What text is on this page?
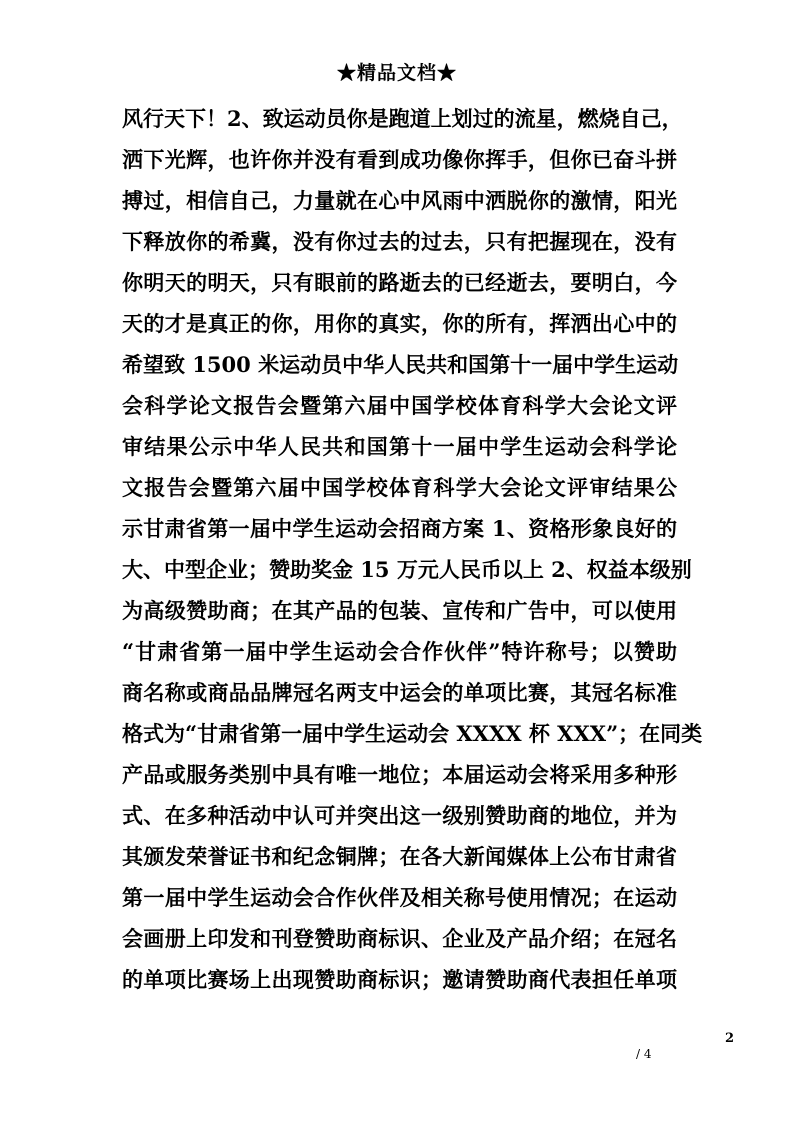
★精品文档★
风行天下！2、致运动员你是跑道上划过的流星，燃烧自己，
洒下光辉，也许你并没有看到成功像你挥手，但你已奋斗拼
搏过，相信自己，力量就在心中风雨中洒脱你的激情，阳光
下释放你的希冀，没有你过去的过去，只有把握现在，没有
你明天的明天，只有眼前的路逝去的已经逝去，要明白，今
天的才是真正的你，用你的真实，你的所有，挥洒出心中的
希望致 1500 米运动员中华人民共和国第十一届中学生运动
会科学论文报告会暨第六届中国学校体育科学大会论文评
审结果公示中华人民共和国第十一届中学生运动会科学论
文报告会暨第六届中国学校体育科学大会论文评审结果公
示甘肃省第一届中学生运动会招商方案 1、资格形象良好的
大、中型企业；赞助奖金 15 万元人民币以上 2、权益本级别
为高级赞助商；在其产品的包装、宣传和广告中，可以使用
“甘肃省第一届中学生运动会合作伙伴”特许称号；以赞助
商名称或商品品牌冠名两支中运会的单项比赛，其冠名标准
格式为“甘肃省第一届中学生运动会 XXXX 杯 XXX”；在同类
产品或服务类别中具有唯一地位；本届运动会将采用多种形
式、在多种活动中认可并突出这一级别赞助商的地位，并为
其颁发荣誉证书和纪念铜牌；在各大新闻媒体上公布甘肃省
第一届中学生运动会合作伙伴及相关称号使用情况；在运动
会画册上印发和刊登赞助商标识、企业及产品介绍；在冠名
的单项比赛场上出现赞助商标识；邀请赞助商代表担任单项
2
/ 4
